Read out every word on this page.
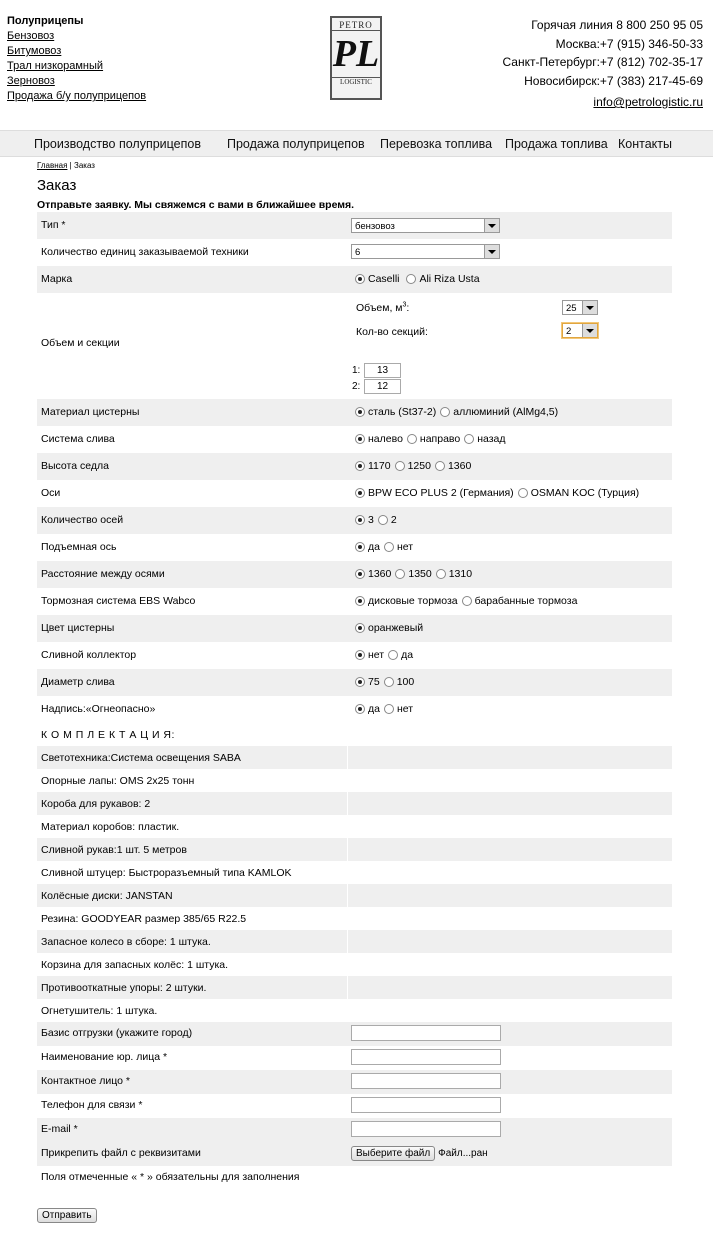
Полуприцепы
Бензовоз
Битумовоз
Трал низкорамный
Зерновоз
Продажа б/у полуприцепов
PETRO
PL
LOGISTIC
Горячая линия 8 800 250 95 05
Москва:+7 (915) 346-50-33
Санкт-Петербург:+7 (812) 702-35-17
Новосибирск:+7 (383) 217-45-69
info@petrologistic.ru
Производство полуприцепов Продажа полуприцепов Перевозка топлива Продажа топлива Контакты
Главная | Заказ
Заказ
Отправьте заявку. Мы свяжемся с вами в ближайшее время.
Тип *	бензовоз
Количество единиц заказываемой техники	6
Марка	Caselli Ali Riza Usta
Объем и секции
Объем, $м^3$:	25
Кол-во секций:	2
1: 13
2: 12
Материал цистерны	сталь (St37-2) аллюминий (AlMg4,5)
Система слива	налево направо назад
Высота седла	1170 1250 1360
Оси	BPW ECO PLUS 2 (Германия) OSMAN KOC (Турция)
Количество осей	3 2
Подъемная ось	да нет
Расстояние между осями	1360 1350 1310
Тормозная система EBS Wabco	дисковые тормоза барабанные тормоза
Цвет цистерны	оранжевый
Сливной коллектор	нет да
Диаметр слива	75 100
Надпись:«Огнеопасно»	да нет
К О М П Л Е К Т А Ц И Я:
Светотехника:Система освещения SABA
Опорные лапы: OMS 2x25 тонн
Короба для рукавов: 2
Материал коробов: пластик.
Сливной рукав:1 шт. 5 метров
Сливной штуцер: Быстроразъемный типа KAMLOK
Колёсные диски: JANSTAN
Резина: GOODYEAR размер 385/65 R22.5
Запасное колесо в сборе: 1 штука.
Корзина для запасных колёс: 1 штука.
Противооткатные упоры: 2 штуки.
Огнетушитель: 1 штука.
Базис отгрузки (укажите город)
Наименование юр. лица *
Контактное лицо *
Телефон для связи *
E-mail *
Прикрепить файл с реквизитами	Выберите файл Файл...ран
Поля отмеченные « * » обязательны для заполнения
Отправить
